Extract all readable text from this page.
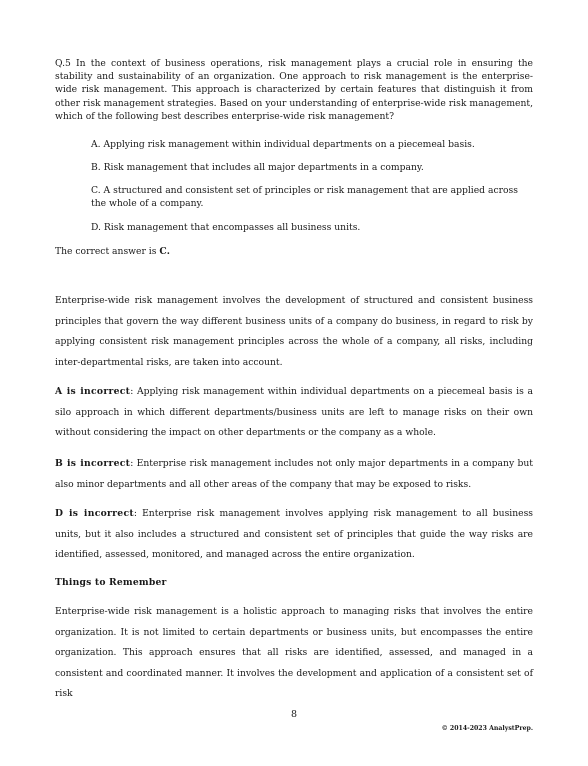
Q.5 In the context of business operations, risk management plays a crucial role in ensuring the stability and sustainability of an organization. One approach to risk management is the enterprise-wide risk management. This approach is characterized by certain features that distinguish it from other risk management strategies. Based on your understanding of enterprise-wide risk management, which of the following best describes enterprise-wide risk management?
A. Applying risk management within individual departments on a piecemeal basis.
B. Risk management that includes all major departments in a company.
C. A structured and consistent set of principles or risk management that are applied across the whole of a company.
D. Risk management that encompasses all business units.
The correct answer is C.
Enterprise-wide risk management involves the development of structured and consistent business principles that govern the way different business units of a company do business, in regard to risk by applying consistent risk management principles across the whole of a company, all risks, including inter-departmental risks, are taken into account.
A is incorrect: Applying risk management within individual departments on a piecemeal basis is a silo approach in which different departments/business units are left to manage risks on their own without considering the impact on other departments or the company as a whole.
B is incorrect: Enterprise risk management includes not only major departments in a company but also minor departments and all other areas of the company that may be exposed to risks.
D is incorrect: Enterprise risk management involves applying risk management to all business units, but it also includes a structured and consistent set of principles that guide the way risks are identified, assessed, monitored, and managed across the entire organization.
Things to Remember
Enterprise-wide risk management is a holistic approach to managing risks that involves the entire organization. It is not limited to certain departments or business units, but encompasses the entire organization. This approach ensures that all risks are identified, assessed, and managed in a consistent and coordinated manner. It involves the development and application of a consistent set of risk
8
© 2014-2023 AnalystPrep.
